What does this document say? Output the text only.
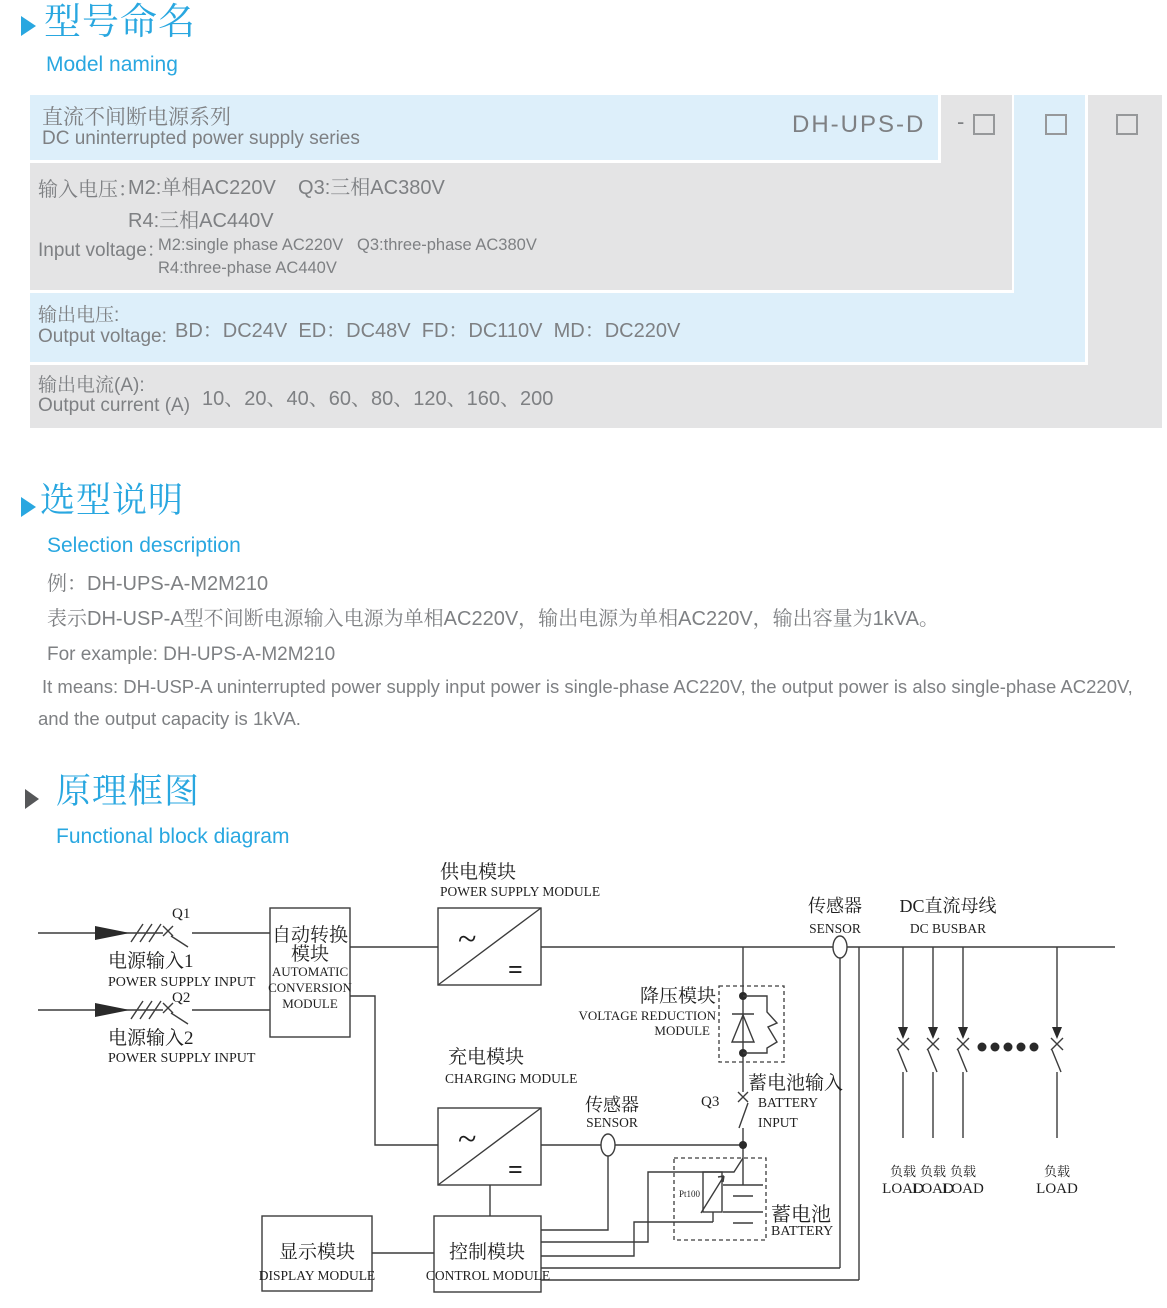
型号命名
Model naming
直流不间断电源系列
DC uninterrupted power supply series
DH-UPS-D -
输入电压：
M2:单相AC220V    Q3:三相AC380V
R4:三相AC440V
Input voltage：
M2:single phase AC220V   Q3:three-phase AC380V
R4:three-phase AC440V
输出电压:
Output voltage: BD：DC24V  ED：DC48V  FD：DC110V  MD：DC220V
输出电流(A):
Output current (A) 10、20、40、60、80、120、160、200
选型说明
Selection description
例：DH-UPS-A-M2M210
表示DH-USP-A型不间断电源输入电源为单相AC220V，输出电源为单相AC220V，输出容量为1kVA。
For example: DH-UPS-A-M2M210
It means: DH-USP-A uninterrupted power supply input power is single-phase AC220V, the output power is also single-phase AC220V,
and the output capacity is 1kVA.
原理框图
Functional block diagram
自动转换
模块
AUTOMATIC
CONVERSION
MODULE
~
=
~
=
显示模块
DISPLAY MODULE
控制模块
CONTROL MODULE
Q1
电源输入1
POWER SUPPLY INPUT
Q2
电源输入2
POWER SUPPLY INPUT
供电模块
POWER SUPPLY MODULE
传感器
SENSOR
DC直流母线
DC BUSBAR
降压模块
VOLTAGE REDUCTION
MODULE
充电模块
CHARGING MODULE
传感器
SENSOR
Q3
蓄电池输入
BATTERY
INPUT
Pt100
蓄电池
BATTERY
负载 负载 负载	负载
LOAD
LOAD
LOAD	LOAD
